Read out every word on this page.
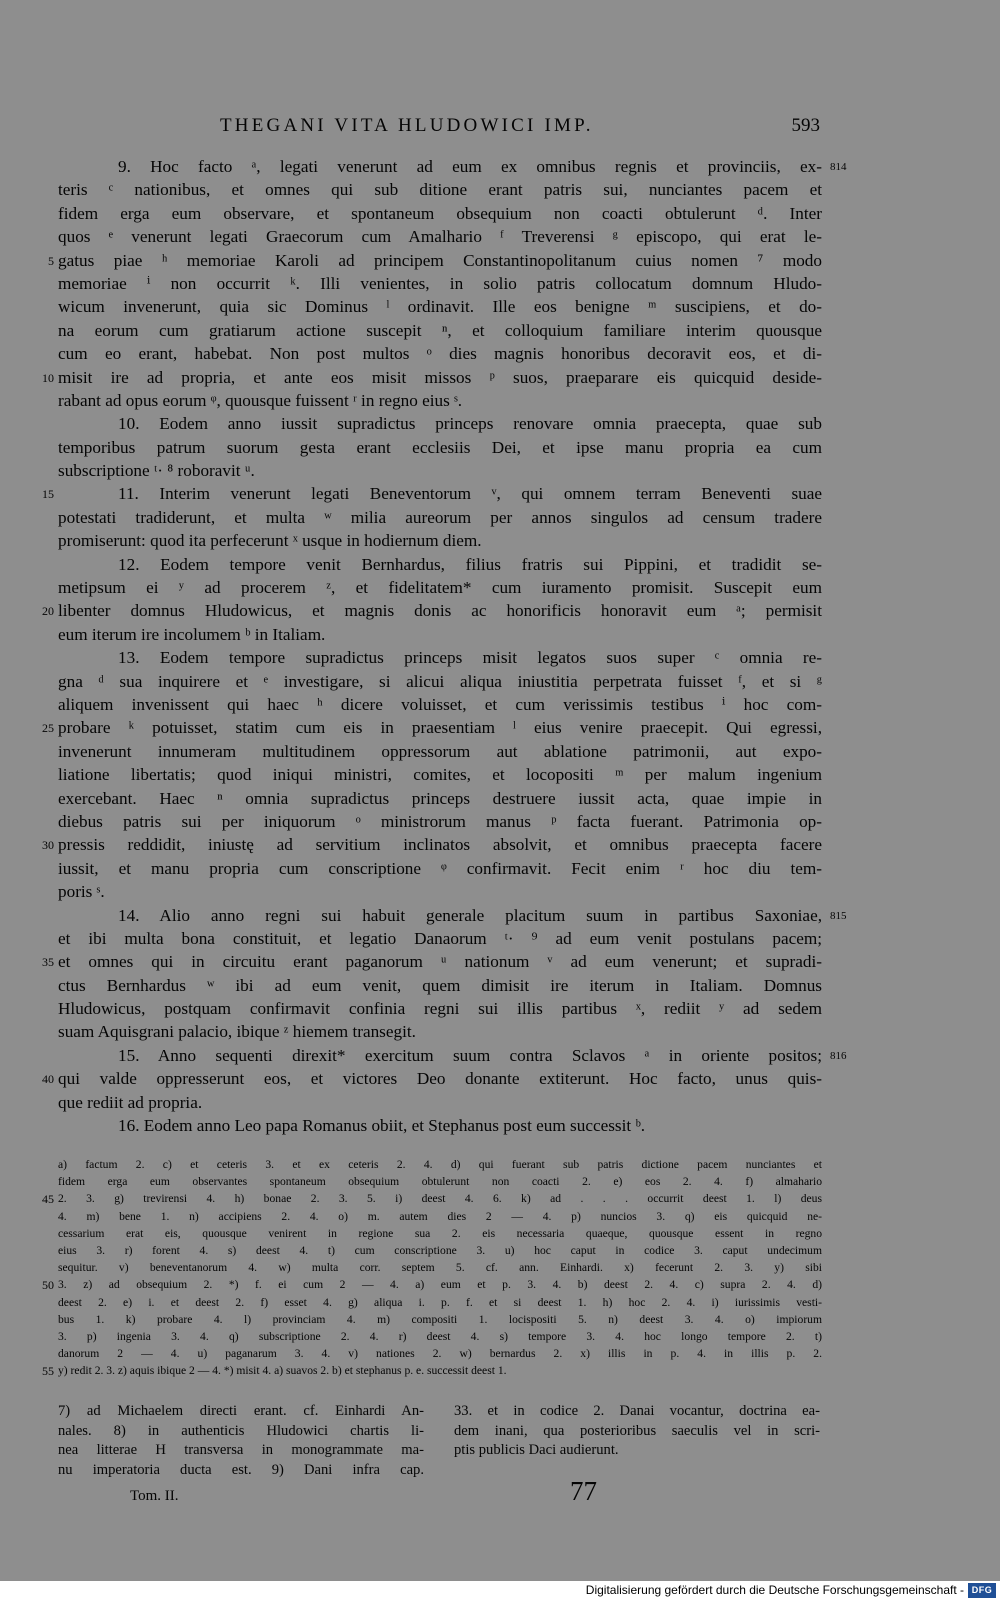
THEGANI VITA HLUDOWICI IMP.	593
9. Hoc facto ᵃ, legati venerunt ad eum ex omnibus regnis et provinciis, ex- 814
teris ᶜ nationibus, et omnes qui sub ditione erant patris sui, nunciantes pacem et
fidem erga eum observare, et spontaneum obsequium non coacti obtulerunt ᵈ. Inter
quos ᵉ venerunt legati Graecorum cum Amalhario ᶠ Treverensi ᵍ episcopo, qui erat le-
gatus piae ʰ memoriae Karoli ad principem Constantinopolitanum cuius nomen ⁷ modo
5
memoriae ⁱ non occurrit ᵏ. Illi venientes, in solio patris collocatum domnum Hludo-
wicum invenerunt, quia sic Dominus ˡ ordinavit. Ille eos benigne ᵐ suscipiens, et do-
na eorum cum gratiarum actione suscepit ⁿ, et colloquium familiare interim quousque
cum eo erant, habebat. Non post multos ᵒ dies magnis honoribus decoravit eos, et di-
misit ire ad propria, et ante eos misit missos ᵖ suos, praeparare eis quicquid deside-
10
rabant ad opus eorum ᵠ, quousque fuissent ʳ in regno eius ˢ.
10. Eodem anno iussit supradictus princeps renovare omnia praecepta, quae sub
temporibus patrum suorum gesta erant ecclesiis Dei, et ipse manu propria ea cum
subscriptione ᵗ· ⁸ roboravit ᵘ.
11. Interim venerunt legati Beneventorum ᵛ, qui omnem terram Beneventi suae
15
potestati tradiderunt, et multa ʷ milia aureorum per annos singulos ad censum tradere
promiserunt: quod ita perfecerunt ˣ usque in hodiernum diem.
12. Eodem tempore venit Bernhardus, filius fratris sui Pippini, et tradidit se-
metipsum ei ʸ ad procerem ᶻ, et fidelitatem* cum iuramento promisit. Suscepit eum
libenter domnus Hludowicus, et magnis donis ac honorificis honoravit eum ᵃ; permisit
20
eum iterum ire incolumem ᵇ in Italiam.
13. Eodem tempore supradictus princeps misit legatos suos super ᶜ omnia re-
gna ᵈ sua inquirere et ᵉ investigare, si alicui aliqua iniustitia perpetrata fuisset ᶠ, et si ᵍ
aliquem invenissent qui haec ʰ dicere voluisset, et cum verissimis testibus ⁱ hoc com-
probare ᵏ potuisset, statim cum eis in praesentiam ˡ eius venire praecepit. Qui egressi,
25
invenerunt innumeram multitudinem oppressorum aut ablatione patrimonii, aut expo-
liatione libertatis; quod iniqui ministri, comites, et locopositi ᵐ per malum ingenium
exercebant. Haec ⁿ omnia supradictus princeps destruere iussit acta, quae impie in
diebus patris sui per iniquorum ᵒ ministrorum manus ᵖ facta fuerant. Patrimonia op-
pressis reddidit, iniustę ad servitium inclinatos absolvit, et omnibus praecepta facere
30
iussit, et manu propria cum conscriptione ᵠ confirmavit. Fecit enim ʳ hoc diu tem-
poris ˢ.
14. Alio anno regni sui habuit generale placitum suum in partibus Saxoniae, 815
et ibi multa bona constituit, et legatio Danaorum ᵗ· ⁹ ad eum venit postulans pacem;
et omnes qui in circuitu erant paganorum ᵘ nationum ᵛ ad eum venerunt; et supradi-
35
ctus Bernhardus ʷ ibi ad eum venit, quem dimisit ire iterum in Italiam. Domnus
Hludowicus, postquam confirmavit confinia regni sui illis partibus ˣ, rediit ʸ ad sedem
suam Aquisgrani palacio, ibique ᶻ hiemem transegit.
15. Anno sequenti direxit* exercitum suum contra Sclavos ᵃ in oriente positos; 816
qui valde oppresserunt eos, et victores Deo donante extiterunt. Hoc facto, unus quis-
40
que rediit ad propria.
16. Eodem anno Leo papa Romanus obiit, et Stephanus post eum successit ᵇ.
a) factum 2. c) et ceteris 3. et ex ceteris 2. 4. d) qui fuerant sub patris dictione pacem nunciantes et
fidem erga eum observantes spontaneum obsequium obtulerunt non coacti 2. e) eos 2. 4. f) almahario
2. 3. g) trevirensi 4. h) bonae 2. 3. 5. i) deest 4. 6. k) ad . . . occurrit deest 1. l) deus
45
4. m) bene 1. n) accipiens 2. 4. o) m. autem dies 2 — 4. p) nuncios 3. q) eis quicquid ne-
cessarium erat eis, quousque venirent in regione sua 2. eis necessaria quaeque, quousque essent in regno
eius 3. r) forent 4. s) deest 4. t) cum conscriptione 3. u) hoc caput in codice 3. caput undecimum
sequitur. v) beneventanorum 4. w) multa corr. septem 5. cf. ann. Einhardi. x) fecerunt 2. 3. y) sibi
3. z) ad obsequium 2. *) f. ei cum 2 — 4. a) eum et p. 3. 4. b) deest 2. 4. c) supra 2. 4. d)
50
deest 2. e) i. et deest 2. f) esset 4. g) aliqua i. p. f. et si deest 1. h) hoc 2. 4. i) iurissimis vesti-
bus 1. k) probare 4. l) provinciam 4. m) compositi 1. locispositi 5. n) deest 3. 4. o) impiorum
3. p) ingenia 3. 4. q) subscriptione 2. 4. r) deest 4. s) tempore 3. 4. hoc longo tempore 2. t)
danorum 2 — 4. u) paganarum 3. 4. v) nationes 2. w) bernardus 2. x) illis in p. 4. in illis p. 2.
y) redit 2. 3. z) aquis ibique 2 — 4. *) misit 4. a) suavos 2. b) et stephanus p. e. successit deest 1.
55
7) ad Michaelem directi erant. cf. Einhardi An-
nales. 8) in authenticis Hludowici chartis li-
nea litterae H transversa in monogrammate ma-
nu imperatoria ducta est. 9) Dani infra cap.
33. et in codice 2. Danai vocantur, doctrina ea-
dem inani, qua posterioribus saeculis vel in scri-
ptis publicis Daci audierunt.
Tom. II.	77
Digitalisierung gefördert durch die Deutsche Forschungsgemeinschaft - DFG
